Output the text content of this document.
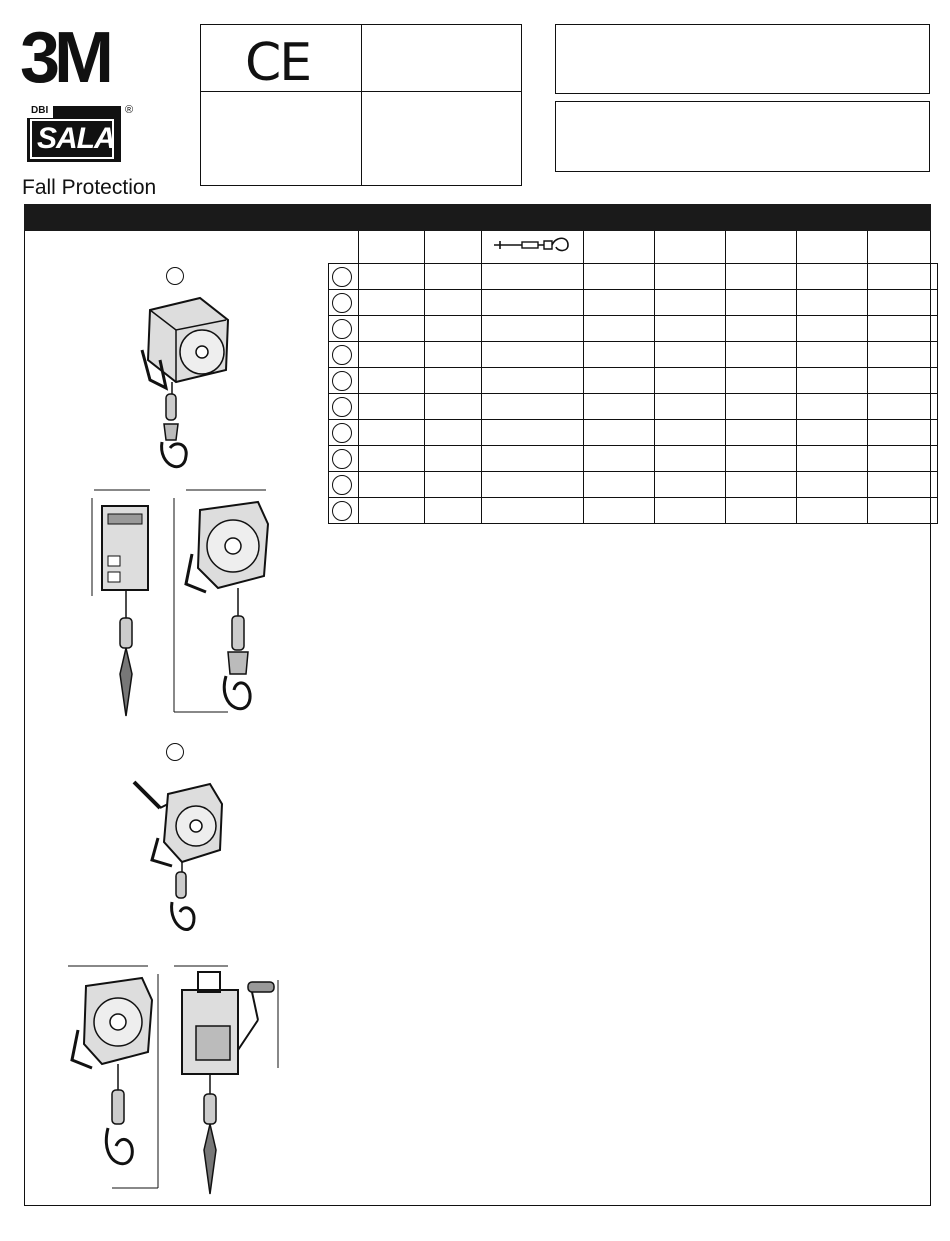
3M
DBI
SALA
®
Fall Protection
CE
